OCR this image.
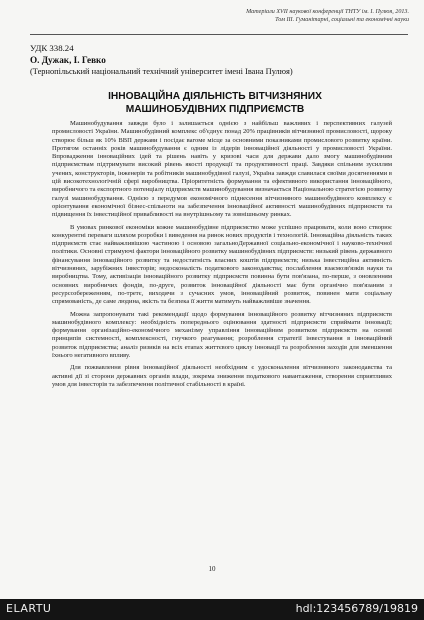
Матеріали XVII наукової конференції ТНТУ ім. І. Пулюя, 2013.
Том III. Гуманітарні, соціальні та економічні науки
УДК 338.24
О. Дужак, І. Гевко
(Тернопільський національний технічний університет імені Івана Пулюя)
ІННОВАЦІЙНА ДІЯЛЬНІСТЬ ВІТЧИЗНЯНИХ МАШИНОБУДІВНИХ ПІДПРИЄМСТВ

Машинобудування завжди було і залишається однією з найбільш важливих і перспективних галузей промисловості України. Машинобудівний комплекс об'єднує понад 20% працівників вітчизняної промисловості, щороку створює більш як 10% ВВП держави і посідає вагоме місце за основними показниками промислового розвитку країни. Протягом останніх років машинобудування є одним із лідерів інноваційної діяльності у промисловості України. Впровадження інноваційних ідей та рішень навіть у кризові часи для держави дало змогу машинобудівним підприємствам підтримувати високий рівень якості продукції та продуктивності праці. Завдяки спільним зусиллям учених, конструкторів, інженерів та робітників машинобудівної галузі, Україна завжди славилася своїми досягненнями в цій високотехнологічній сфері виробництва. Пріоритетність формування та ефективного використання інноваційного, виробничого та експортного потенціалу підприємств машинобудування визначається Національною стратегією розвитку галузі машинобудування. Однією з передумов економічного піднесення вітчизняного машинобудівного комплексу є орієнтування економічної бізнес-спільноти на забезпечення інноваційної активності машинобудівних підприємств та підвищення їх інвестиційної привабливості на внутрішньому та зовнішньому ринках.

В умовах ринкової економіки кожне машинобудівне підприємство може успішно працювати, коли воно створює конкурентні переваги шляхом розробки і виведення на ринок нових продуктів і технологій. Інноваційна діяльність таких підприємств стає найважливішою частиною і основою загальноДержавної соціально-економічної і науково-технічної політики. Основні стримуючі фактори інноваційного розвитку машинобудівних підприємств: низький рівень державного фінансування інноваційного розвитку та недостатність власних коштів підприємств; низька інвестиційна активність вітчизняних, зарубіжних інвесторів; недосконалість податкового законодавства; послаблення взаємозв'язків науки та виробництва. Тому, активізація інноваційного розвитку підприємств повинна бути пов'язана, по-перше, з оновленням основних виробничих фондів, по-друге, розвиток інноваційної діяльності має бути органічно пов'язаним з ресурсозбереженням, по-третє, виходячи з сучасних умов, інноваційний розвиток, повинен мати соціальну спрямованість, де саме людина, якість та безпека її життя матимуть найважливіше значення.

Можна запропонувати такі рекомендації щодо формування інноваційного розвитку вітчизняних підприємств машинобудівного комплексу: необхідність попереднього оцінювання здатності підприємств сприймати інновації; формування організаційно-економічного механізму управління інноваційним розвитком підприємств на основі принципів системності, комплексності, гнучкого реагування; розроблення стратегії інвестування в інноваційний розвиток підприємства; аналіз ризиків на всіх етапах життєвого циклу інновації та розроблення заходів для зменшення їхнього негативного впливу.

Для пожвавлення рівня інноваційної діяльності необхідним є удосконалення вітчизняного законодавства та активні дії зі сторони державних органів влади, зокрема зниження податкового навантаження, створення сприятливих умов для інвесторів та забезпечення політичної стабільності в країні.

10
ELARTU	hdl:123456789/19819
